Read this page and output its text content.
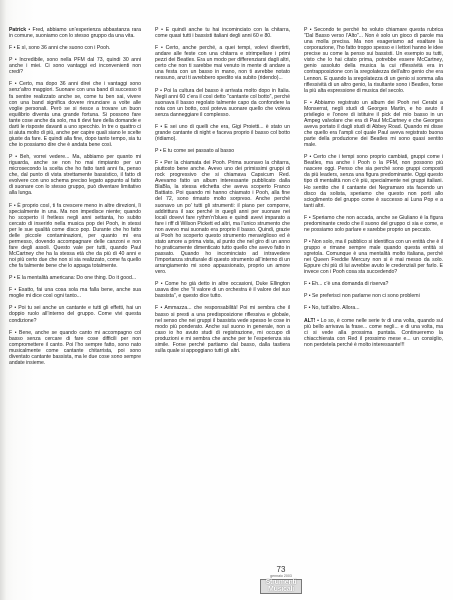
Patrick • Fred, abbiamo un’esperienza abbastanza rara in comune, suoniamo con lo stesso gruppo da una vita.

F • E sì, sono 36 anni che suono con i Pooh.

P • Incredibile, sono nella PFM dal 73, quindi 30 anni anche i miei. Ci sono vantaggi ed inconvenienti non credi?

F • Certo, ma dopo 36 anni direi che i vantaggi sono senz’altro maggiori. Suonare con una band di successo ti fa sentire realizzato anche se, come tu ben sai, vivere con una band significa dovere rinunciare a volte alle voglie personali. Però se si riesce a trovare un buon equilibrio diventa una grande fortuna. Si possono fare tante cose anche da solo, ma ti devi fare della domande e darti le risposte davanti a uno specchio. In tre o quattro ci si aiuta molto di più, anche per capire quali siano le scelte giuste da fare. E quindi alla fine, dopo tanto tempo, sia tu che io possiamo dire che è andata bene così.

P • Beh, vorrei vedere... Ma, abbiamo per quanto mi riguarda, anche se non ho mai rimpianto per un microsecondo la scelta che ho fatto tanti anni fa, penso che, dal punto di vista strettamente bassistico, il fatto di evolvere con uno schema preciso legato appunto al fatto di suonare con lo stesso gruppo, può diventare limitativo alla lunga.

F • È proprio così, ti fa crescere meno in altre direzioni, lì specialmente in una. Ma non impedisce niente; quando ho scoperto il fretless negli anni settanta, ho subito cercato di inserirlo nella musica pop dei Pooh, in stessi per le sue qualità come disco pop. Durante che ho fatto delle piccole contaminazioni, per quanto mi era permesso, dovendo accompagnare delle canzoni e non fare degli assoli. Questo vale per tutti, quando Paul McCartney che ha la stessa età che da più di 40 anni e noi più certo due che non si sia realizzato, come fa quello che fa talmente bene che lo appaga totalmente.

P • E la mentalità americana: Do one thing. Do it good...

F • Esatto, fai una cosa sola ma falla bene, anche sua moglie mi dice così ogni tanto...

P • Poi tu sei anche un cantante e tutti gli effetti, hai un doppio ruolo all’interno del gruppo. Come vivi questa condizione?

F • Bene, anche se quando canto mi accompagno col basso senza cercare di fare cose difficili per non compromettere il canto. Poi l’ho sempre fatto, sono nato musicalmente come cantante chitarrista, poi sono diventato cantante bassista, ma le due cose sono sempre andate insieme.

P • E quindi anche tu hai incominciato con la chitarra, come quasi tutti i bassisti italiani degli anni 60 e 80.

F • Certo, anche perché, a quei tempi, volevi divertirti, andare alle feste con una chitarra e strimpellare i primi pezzi dei Beatles. Era un modo per differenziarsi dagli altri, certo che non ti sarebbe mai venuto in mente di andare a una festa con un basso in mano, non ti avrebbe notato nessuno, anzi ti avrebbero spedito via subito (ridendo)...

P • Poi la cultura del basso è arrivata molto dopo in Italia. Negli anni 60 c’era il così detto “cantante col botto”, perché suonava il basso regolato talmente capo da confondere la nota con un botto, così poteva suonare quello che voleva senza danneggiare il complesso.

F • E sei uno di quelli che era, Gigi Proietti... è stato un grande cantante di night e faceva proprio il basso col botto (ridiamo).

P • E tu come sei passato al basso

F • Per la chiamata dei Pooh. Prima suonavo la chitarra, piuttosto bene anche. Avevo uno dei primissimi gruppi di rock progressivo che si chiamava Capsicum Red. Avevamo fatto un album interessante pubblicato dalla BlaBla, la stessa etichetta che aveva scoperto Franco Battiato. Poi quando mi hanno chiamato i Pooh, alla fine del 72, sono rimasto molto sorpreso. Anche perché suonavo un po’ tutti gli strumenti: il piano per comporre, addirittura il sax perché in quegli anni per suonare nei locali dovevi fare rythm’n’blues e quindi avevi imparato a fare i riff di Wilson Pickett ed altri, ma l’unico strumento che non avevo mai suonato era proprio il basso. Quindi, grazie ai Pooh ho scoperto questo strumento meraviglioso ed è stato amore a prima vista, al punto che nel giro di un anno ho praticamente dimenticato tutto quello che avevo fatto in passato. Quando ho incominciato ad intravedere l’importanza strutturale di questo strumento all’interno di un arrangiamento mi sono appassionato, proprio un amore vero.

P • Come ho già detto in altre occasioni, Duke Ellington usava dire che “il valore di un orchestra è il valore del suo bassista”, e questo dice tutto.

F • Ammazza... che responsabilità! Poi mi sembra che il basso si presti a una predisposizione riflessiva e globale, nel senso che nei gruppi il bassista vede spesso le cose in modo più ponderato. Anche sul suono in generale, non a caso io ho avuto studi di registrazione, mi occupo di produzioni e mi sembra che anche per te l’esperienza sia simile. Forse perché partiamo dal basso, dalla tastiera sulla quale si appoggiano tutti gli altri.

P • Secondo te perché ho voluto chiamare questa rubrica “Dal Basso verso l’Alto”... Non è solo un gioco di parole ma una molla precisa. Ma non esageriamo ad esaltare la corporazione, l’ho fatto troppo spesso e i lettori hanno le idee precise su come la penso sui bassisti. Un esempio su tutti, visto che lo hai citato prima, potrebbe essere McCartney, genio assoluto della musica la cui riflessività era in contrapposizione con la sregolatezza dell’altro genio che era Lennon. E quando la sregolatezza di un genio si somma alla riflessività di un altro genio, la risultante sono i Beatles, forse la più alta espressione di musica del secolo.

F • Abbiamo registrato un album dei Pooh nei Cerabi a Monserrat, negli studi di Georges Martin, e ho avuto il privilegio e l’onore di istituire il pick del mio basso in un Ampeg valvolare che era di Paul McCartney e che Georges aveva portato il dagli studi di Abbey Road. Quando mi disse che quello era l’ampli col quale Paul aveva registrato buona parte della produzione dei Beatles mi sono quasi sentito male.

P • Certo che i tempi sono proprio cambiati, gruppi come i Beatles, ma anche i Pooh o la PFM, non possono più nascere oggi. Penso che sia perché sono gruppi composti da più leaders, senza una figura predominante. Oggi questo tipo di mentalità non c’è più, specialmente nei gruppi italiani. Ho sentito che il cantante dei Negramaro sta facendo un disco da solista, speriamo che questo non porti allo scioglimento del gruppo come è successo ai Luna Pop e a tanti altri.

F • Speriamo che non accada, anche se Giuliano è la figura predominante credo che il suono del gruppo ci sia e come, e ne possiamo solo parlare e sarebbe proprio un peccato.

P • Non solo, ma il pubblico si identifica con un entità che è il gruppo e rimane sempre male quando questa entità si sgretola. Comunque è una mentalità molto italiana, perché nei Queen Freddie Mercury non si è mai messo da solo. Eppure chi più di lui avrebbe avuto le credenziali per farlo. E invece con i Pooh cosa sta succedendo?

F • Eh... c’è una domanda di riserva?

P • Se preferisci non parlarne non ci sono problemi

F • No, tutt’altro. Allora...

ALT! • Lo so, è come nelle serie tv di una volta, quando sul più bello arrivava la frase... come negli... e di una volta, ma ci si vede alla prossima puntata. Continueremo la chiacchierata con Red il prossimo mese e... un consiglio, non perdetela perché è molto interessante!!!

73
gennaio 2003
Strumenti
Musicali
